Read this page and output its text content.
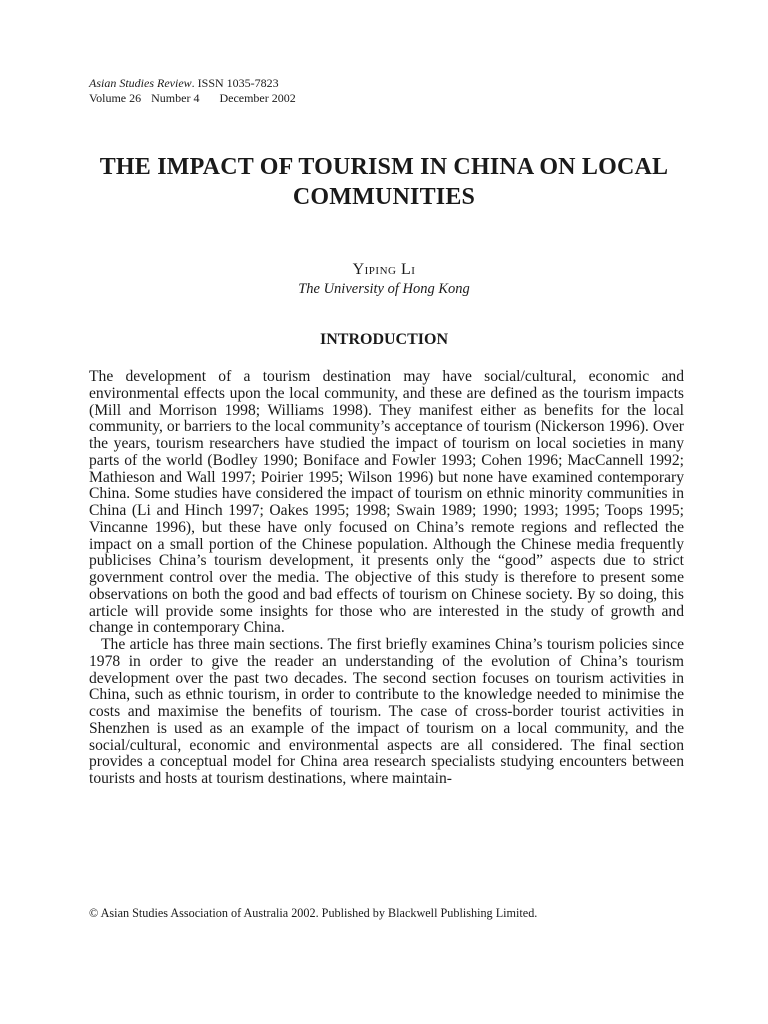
Asian Studies Review. ISSN 1035-7823
Volume 26 Number 4 December 2002
THE IMPACT OF TOURISM IN CHINA ON LOCAL COMMUNITIES
Yiping Li
The University of Hong Kong
INTRODUCTION

The development of a tourism destination may have social/cultural, economic and environmental effects upon the local community, and these are defined as the tourism impacts (Mill and Morrison 1998; Williams 1998). They manifest either as benefits for the local community, or barriers to the local community’s acceptance of tourism (Nickerson 1996). Over the years, tourism researchers have studied the impact of tourism on local societies in many parts of the world (Bodley 1990; Boniface and Fowler 1993; Cohen 1996; MacCannell 1992; Mathieson and Wall 1997; Poirier 1995; Wilson 1996) but none have examined contemporary China. Some studies have considered the impact of tourism on ethnic minority communities in China (Li and Hinch 1997; Oakes 1995; 1998; Swain 1989; 1990; 1993; 1995; Toops 1995; Vincanne 1996), but these have only focused on China’s remote regions and reflected the impact on a small portion of the Chinese population. Although the Chinese media frequently publicises China’s tourism development, it presents only the “good” aspects due to strict government control over the media. The objective of this study is therefore to present some observations on both the good and bad effects of tourism on Chinese society. By so doing, this article will provide some insights for those who are interested in the study of growth and change in contemporary China.

The article has three main sections. The first briefly examines China’s tourism policies since 1978 in order to give the reader an understanding of the evolution of China’s tourism development over the past two decades. The second section focuses on tourism activities in China, such as ethnic tourism, in order to contribute to the knowledge needed to minimise the costs and maximise the benefits of tourism. The case of cross-border tourist activities in Shenzhen is used as an example of the impact of tourism on a local community, and the social/cultural, economic and environmental aspects are all considered. The final section provides a conceptual model for China area research specialists studying encounters between tourists and hosts at tourism destinations, where maintain-

© Asian Studies Association of Australia 2002. Published by Blackwell Publishing Limited.
